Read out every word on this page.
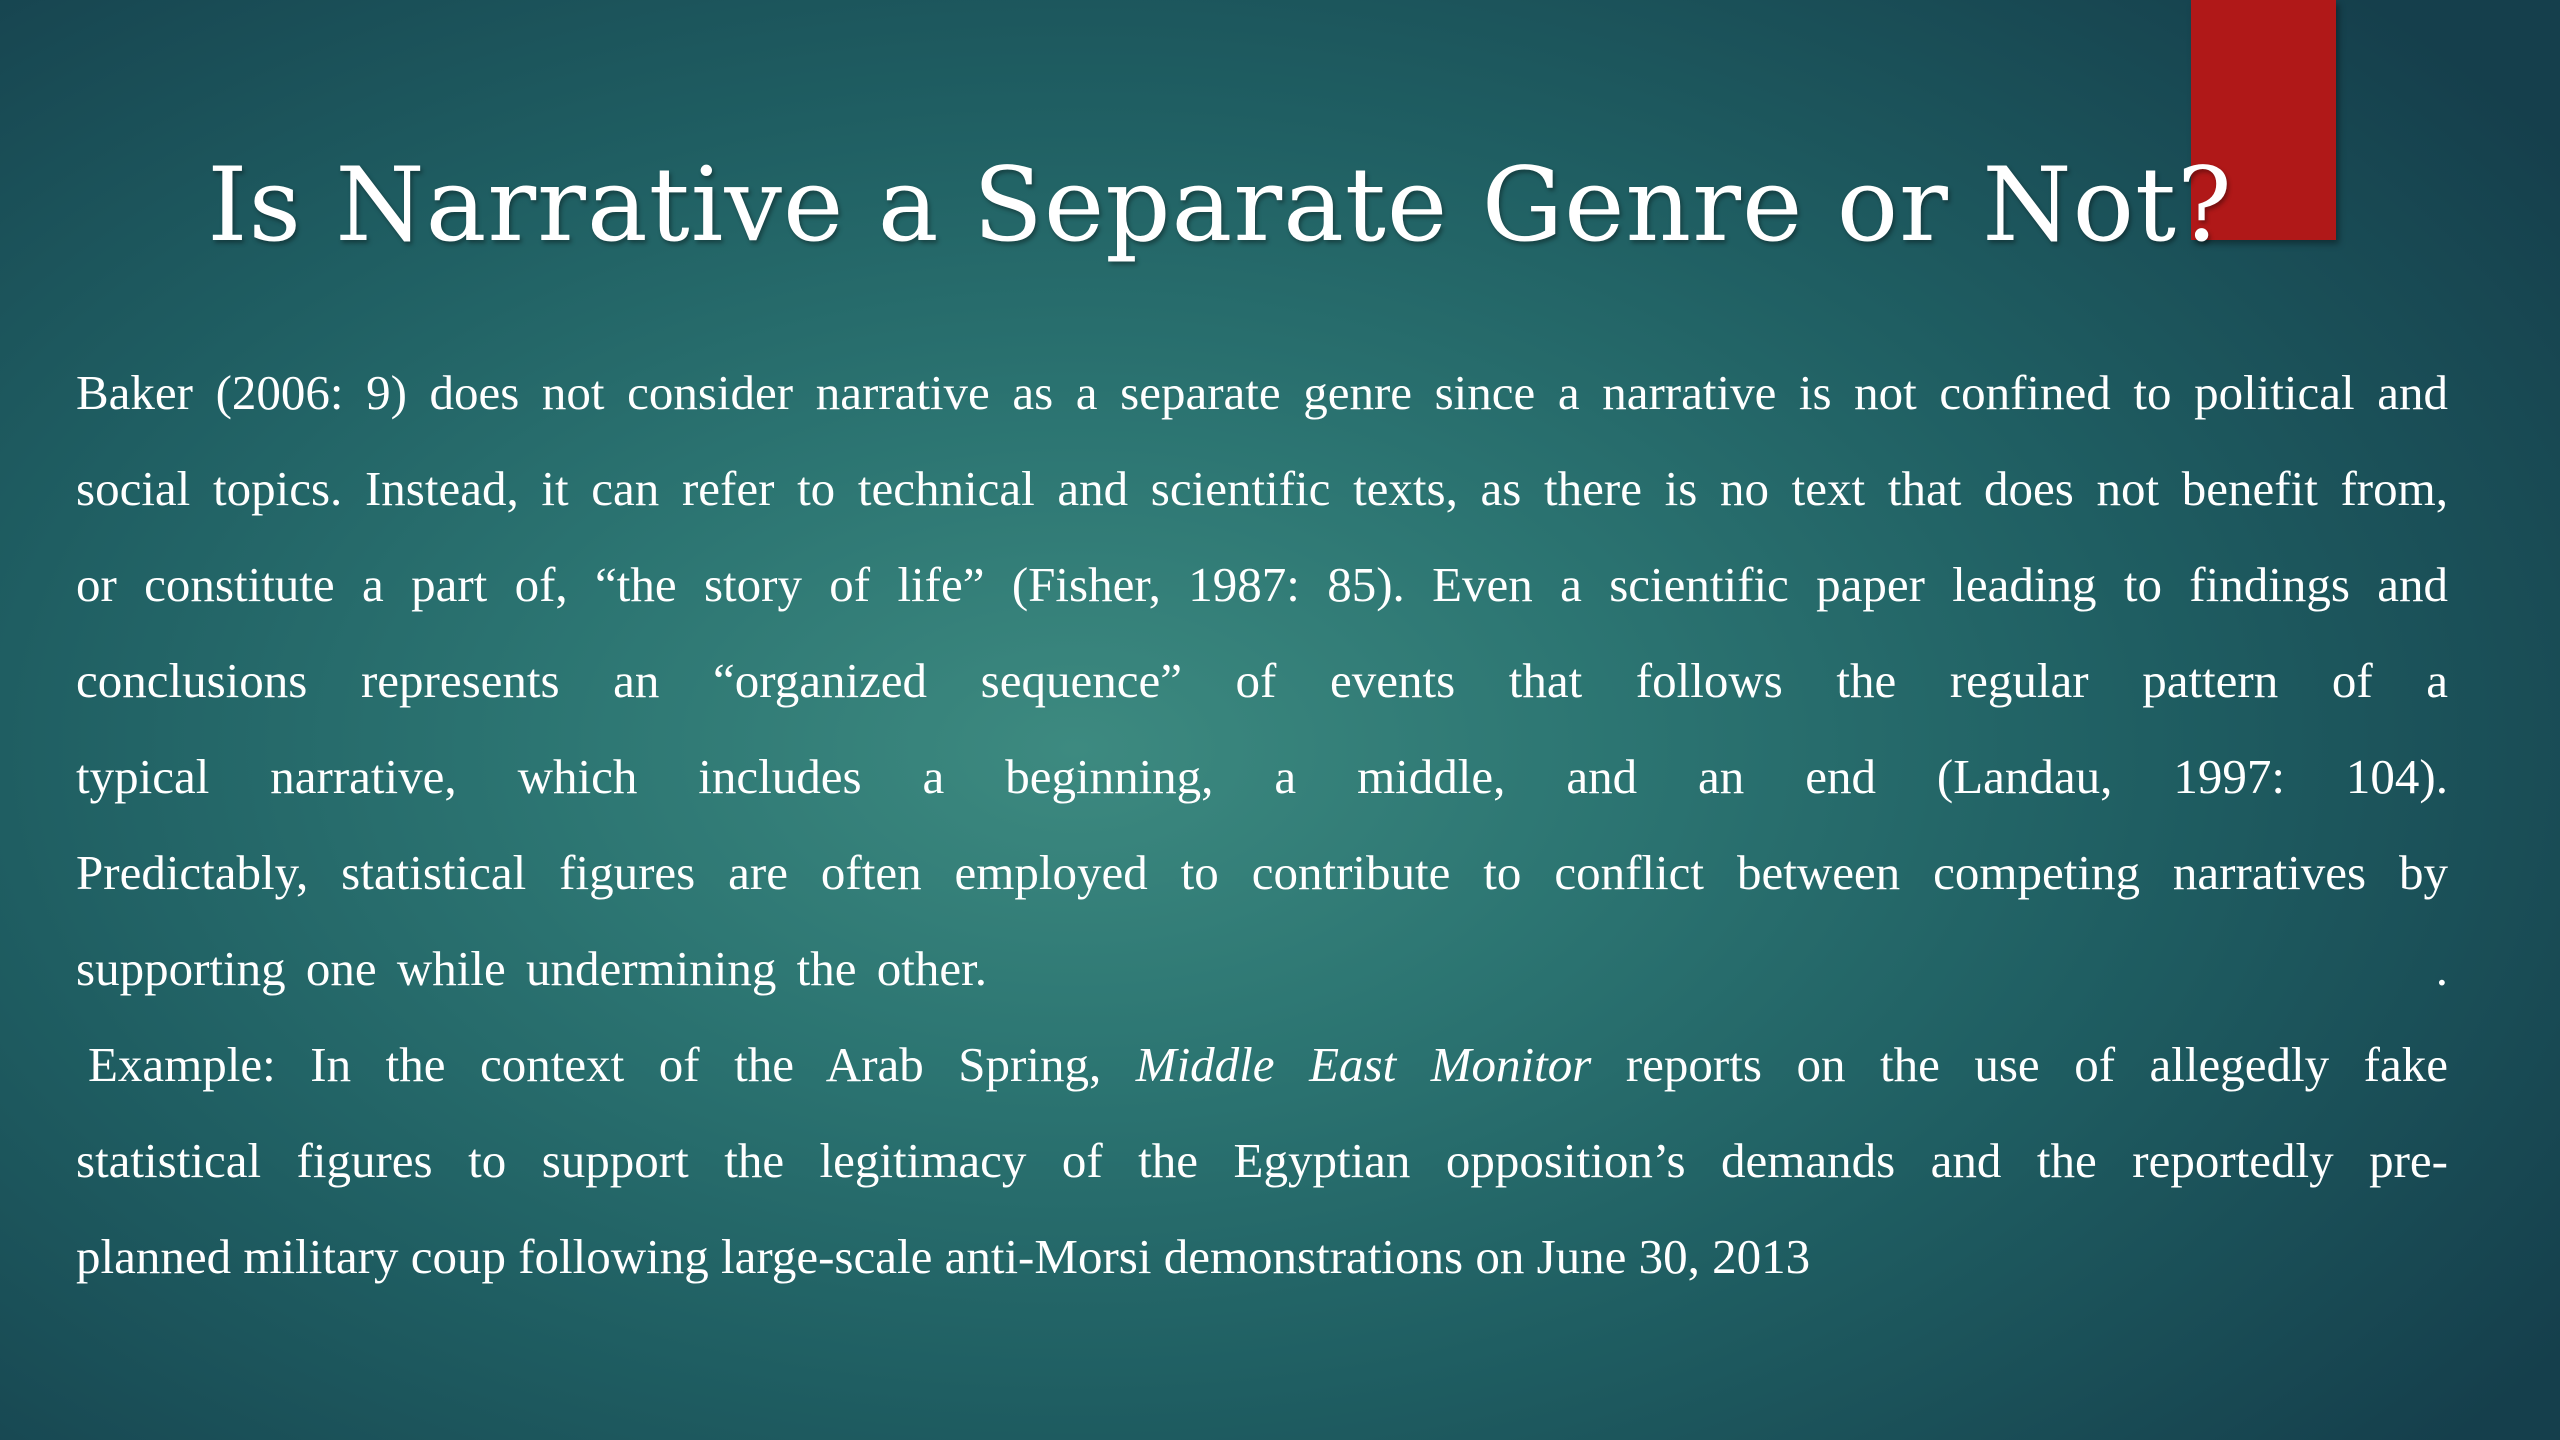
Is Narrative a Separate Genre or Not?

Baker (2006: 9) does not consider narrative as a separate genre since a narrative is not confined to political and
social topics. Instead, it can refer to technical and scientific texts, as there is no text that does not benefit from,
or constitute a part of, “the story of life” (Fisher, 1987: 85). Even a scientific paper leading to findings and
conclusions represents an “organized sequence” of events that follows the regular pattern of a
typical narrative, which includes a beginning, a middle, and an end (Landau, 1997: 104).
Predictably, statistical figures are often employed to contribute to conflict between competing narratives by
supporting one while undermining the other.	.

Example: In the context of the Arab Spring, Middle East Monitor reports on the use of allegedly fake
statistical figures to support the legitimacy of the Egyptian opposition’s demands and the reportedly pre-
planned military coup following large-scale anti-Morsi demonstrations on June 30, 2013
